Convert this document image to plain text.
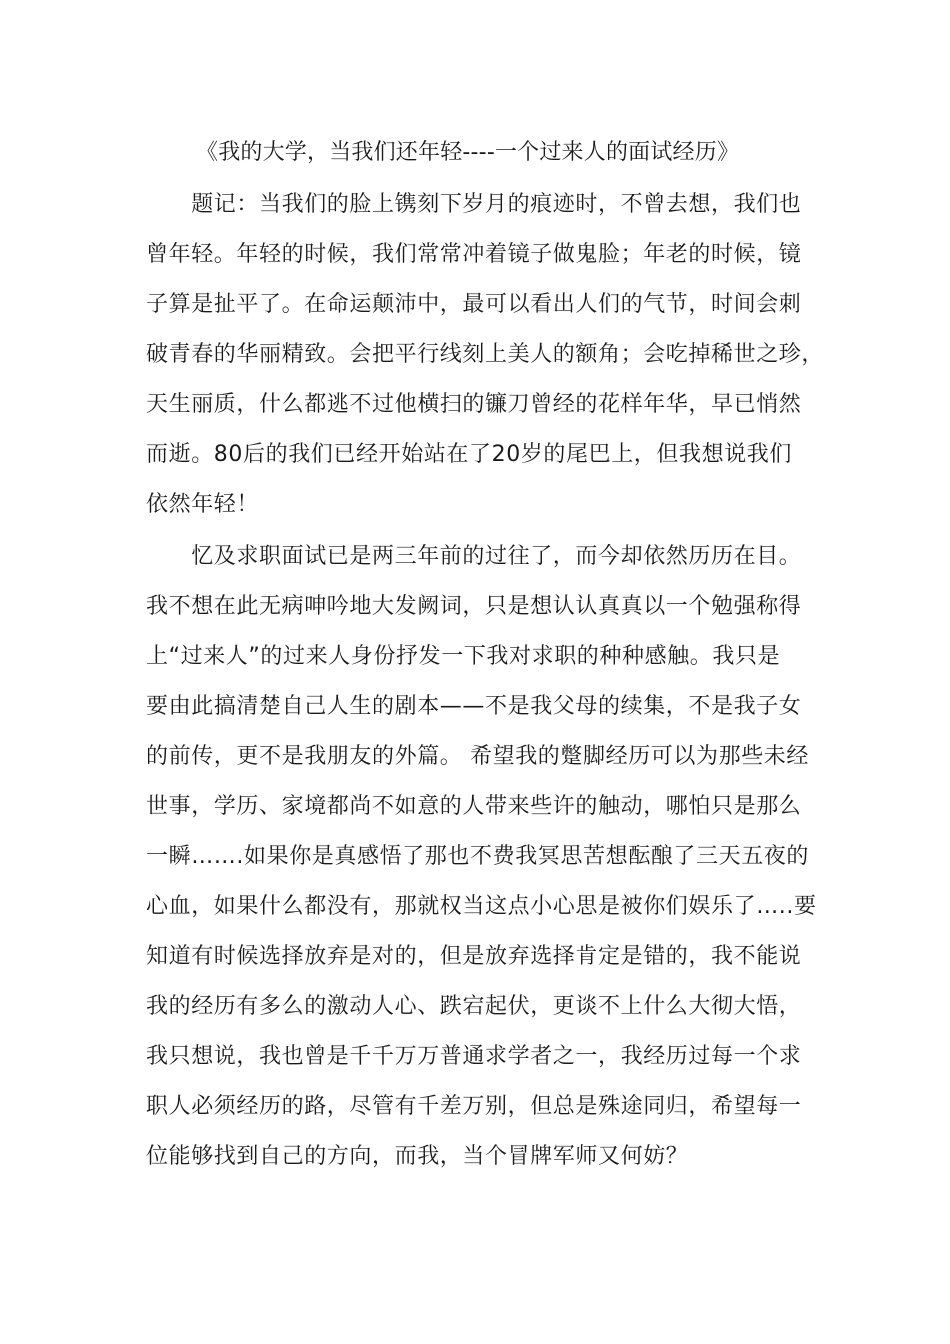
《我的大学，当我们还年轻----一个过来人的面试经历》
　　题记：当我们的脸上镌刻下岁月的痕迹时，不曾去想，我们也
曾年轻。年轻的时候，我们常常冲着镜子做鬼脸；年老的时候，镜
子算是扯平了。在命运颠沛中，最可以看出人们的气节，时间会刺
破青春的华丽精致。会把平行线刻上美人的额角；会吃掉稀世之珍，
天生丽质，什么都逃不过他横扫的镰刀曾经的花样年华，早已悄然
而逝。80后的我们已经开始站在了20岁的尾巴上，但我想说我们
依然年轻！
　　忆及求职面试已是两三年前的过往了，而今却依然历历在目。
我不想在此无病呻吟地大发阙词，只是想认认真真以一个勉强称得
上“过来人”的过来人身份抒发一下我对求职的种种感触。我只是
要由此搞清楚自己人生的剧本——不是我父母的续集，不是我子女
的前传，更不是我朋友的外篇。 希望我的蹩脚经历可以为那些未经
世事，学历、家境都尚不如意的人带来些许的触动，哪怕只是那么
一瞬…….如果你是真感悟了那也不费我冥思苦想酝酿了三天五夜的
心血，如果什么都没有，那就权当这点小心思是被你们娱乐了…..要
知道有时候选择放弃是对的，但是放弃选择肯定是错的，我不能说
我的经历有多么的激动人心、跌宕起伏，更谈不上什么大彻大悟，
我只想说，我也曾是千千万万普通求学者之一，我经历过每一个求
职人必须经历的路，尽管有千差万别，但总是殊途同归，希望每一
位能够找到自己的方向，而我，当个冒牌军师又何妨？
